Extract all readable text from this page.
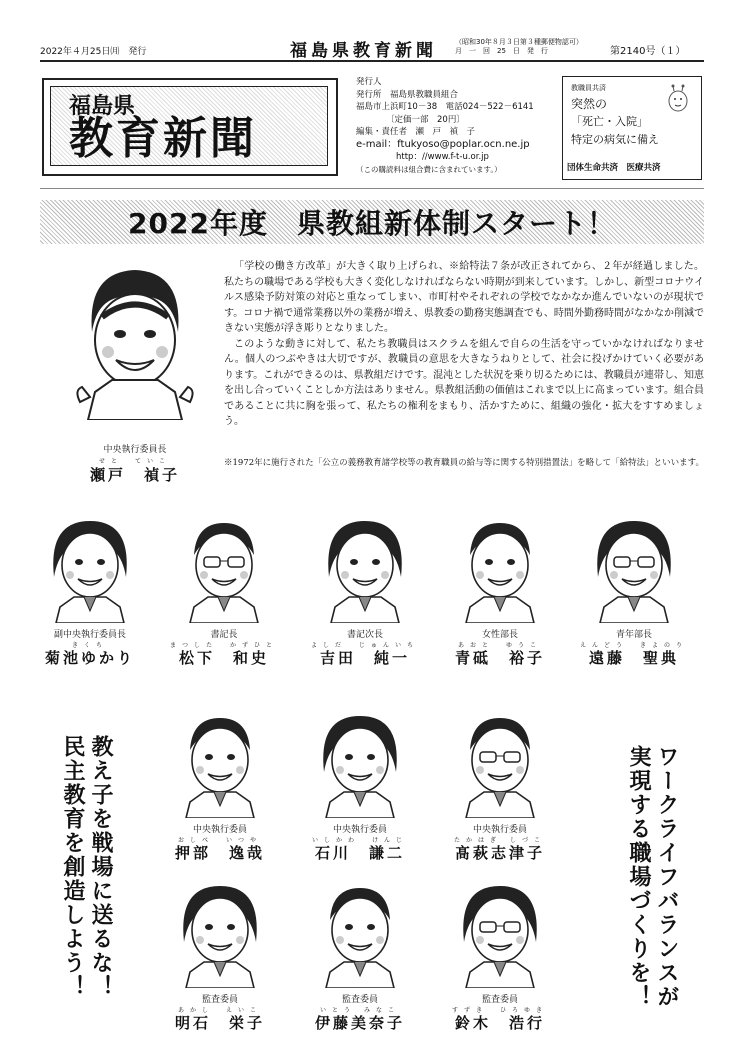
2022年４月25日㈪　発行	福島県教育新聞	（昭和30年８月３日第３種郵便物認可）
月　一　回　25　日　発　行	第2140号（１）
福島県
教育新聞
発行人
発行所　福島県教職員組合
福島市上浜町10－38　電話024－522－6141
〔定価一部　20円〕
編集・責任者　瀬　戸　禎　子
e-mail：ftukyoso@poplar.ocn.ne.jp
http：//www.f-t-u.or.jp
（この購読料は組合費に含まれています。）
教職員共済
突然の
「死亡・入院」
特定の病気に備え
団体生命共済　医療共済
2022年度　県教組新体制スタート！
中央執行委員長
せと　ていこ
瀬戸　禎子

「学校の働き方改革」が大きく取り上げられ、※給特法７条が改正されてから、２年が経過しました。私たちの職場である学校も大きく変化しなければならない時期が到来しています。しかし、新型コロナウイルス感染予防対策の対応と重なってしまい、市町村やそれぞれの学校でなかなか進んでいないのが現状です。コロナ禍で通常業務以外の業務が増え、県教委の勤務実態調査でも、時間外勤務時間がなかなか削減できない実態が浮き彫りとなりました。

このような動きに対して、私たち教職員はスクラムを組んで自らの生活を守っていかなければなりません。個人のつぶやきは大切ですが、教職員の意思を大きなうねりとして、社会に投げかけていく必要があります。これができるのは、県教組だけです。混沌とした状況を乗り切るためには、教職員が連帯し、知恵を出し合っていくことしか方法はありません。県教組活動の価値はこれまで以上に高まっています。組合員であることに共に胸を張って、私たちの権利をまもり、活かすために、組織の強化・拡大をすすめましょう。

※1972年に施行された「公立の義務教育諸学校等の教育職員の給与等に関する特別措置法」を略して「給特法」といいます。
副中央執行委員長
きくち
菊池ゆかり
書記長
まつした　かずひと
松下　和史
書記次長
よしだ　じゅんいち
吉田　純一
女性部長
あおと　ゆうこ
青砥　裕子
青年部長
えんどう　きよのり
遠藤　聖典
中央執行委員
おしべ　いつや
押部　逸哉
中央執行委員
いしかわ　けんじ
石川　謙二
中央執行委員
たかはぎ しづこ
髙萩志津子
監査委員
あかし　えいこ
明石　栄子
監査委員
いとう みなこ
伊藤美奈子
監査委員
すずき　ひろゆき
鈴木　浩行
教え子を戦場に送るな！
民主教育を創造しよう！	ワークライフバランスが
実現する職場づくりを！
